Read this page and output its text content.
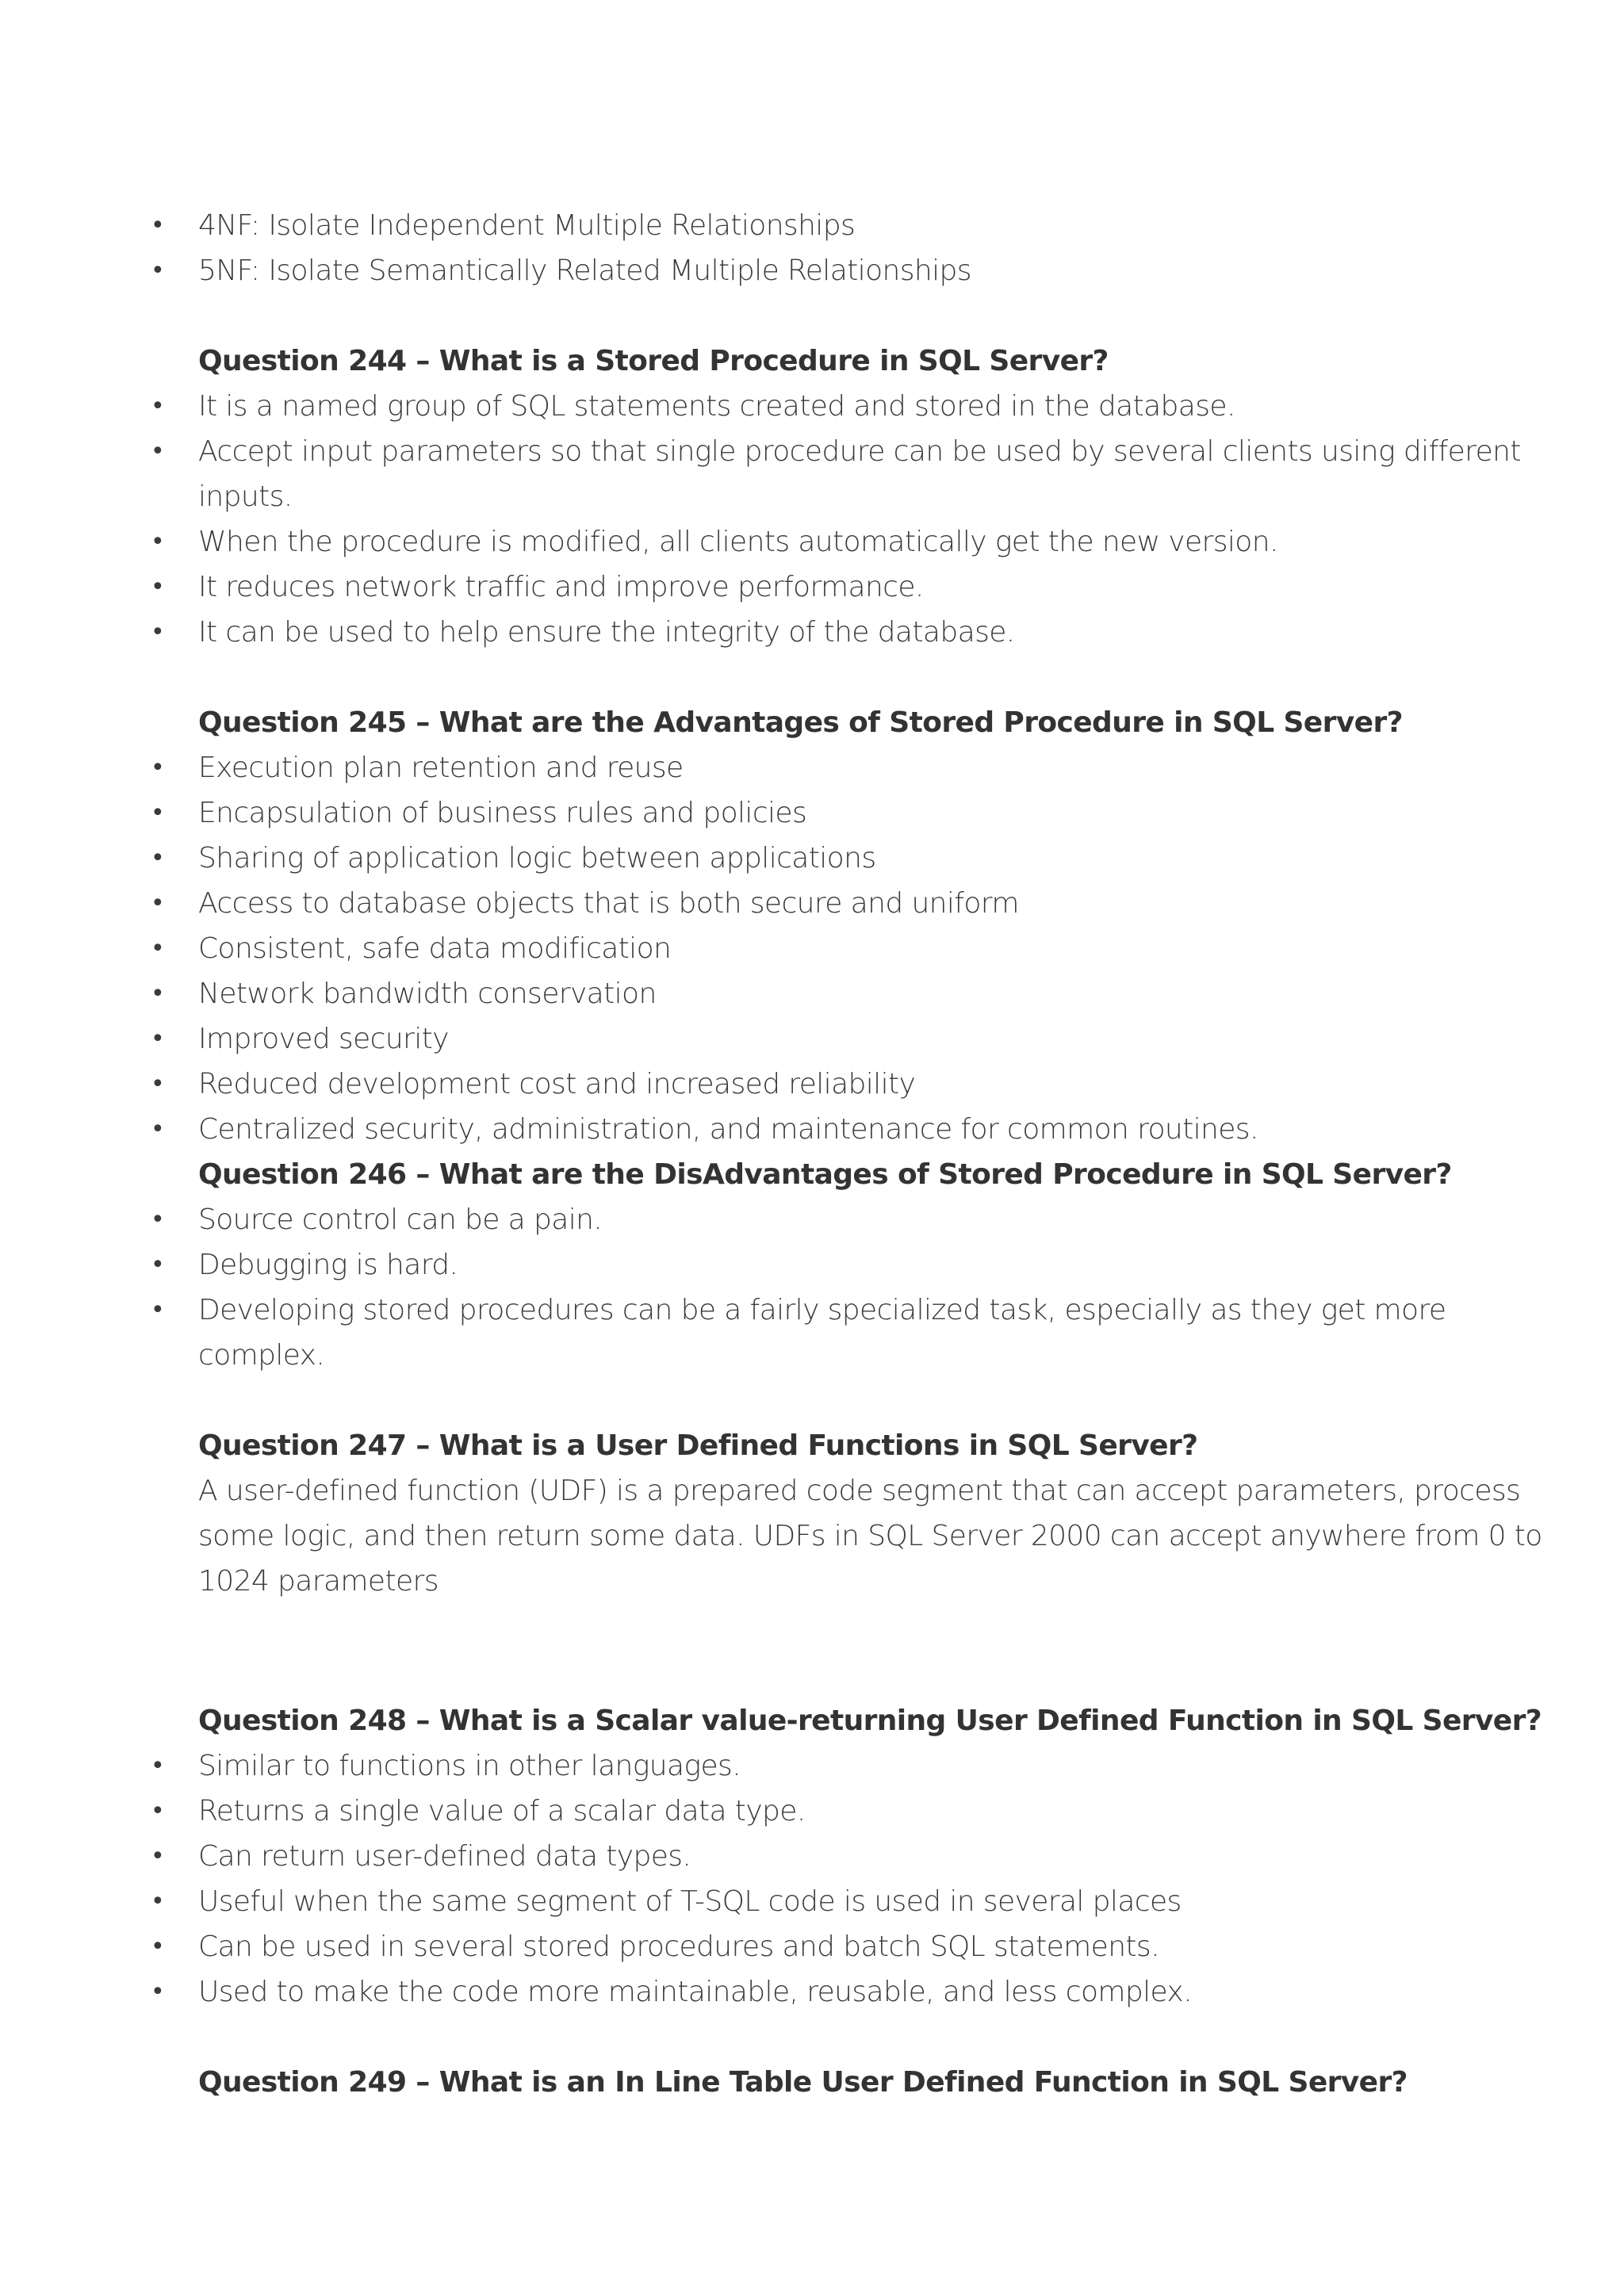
• 4NF: Isolate Independent Multiple Relationships
• 5NF: Isolate Semantically Related Multiple Relationships
Question 244 – What is a Stored Procedure in SQL Server?
• It is a named group of SQL statements created and stored in the database.
• Accept input parameters so that single procedure can be used by several clients using different
inputs.
• When the procedure is modified, all clients automatically get the new version.
• It reduces network traffic and improve performance.
• It can be used to help ensure the integrity of the database.
Question 245 – What are the Advantages of Stored Procedure in SQL Server?
• Execution plan retention and reuse
• Encapsulation of business rules and policies
• Sharing of application logic between applications
• Access to database objects that is both secure and uniform
• Consistent, safe data modification
• Network bandwidth conservation
• Improved security
• Reduced development cost and increased reliability
• Centralized security, administration, and maintenance for common routines.
Question 246 – What are the DisAdvantages of Stored Procedure in SQL Server?
• Source control can be a pain.
• Debugging is hard.
• Developing stored procedures can be a fairly specialized task, especially as they get more
complex.
Question 247 – What is a User Defined Functions in SQL Server?
A user-defined function (UDF) is a prepared code segment that can accept parameters, process
some logic, and then return some data. UDFs in SQL Server 2000 can accept anywhere from 0 to
1024 parameters
Question 248 – What is a Scalar value-returning User Defined Function in SQL Server?
• Similar to functions in other languages.
• Returns a single value of a scalar data type.
• Can return user-defined data types.
• Useful when the same segment of T-SQL code is used in several places
• Can be used in several stored procedures and batch SQL statements.
• Used to make the code more maintainable, reusable, and less complex.
Question 249 – What is an In Line Table User Defined Function in SQL Server?
